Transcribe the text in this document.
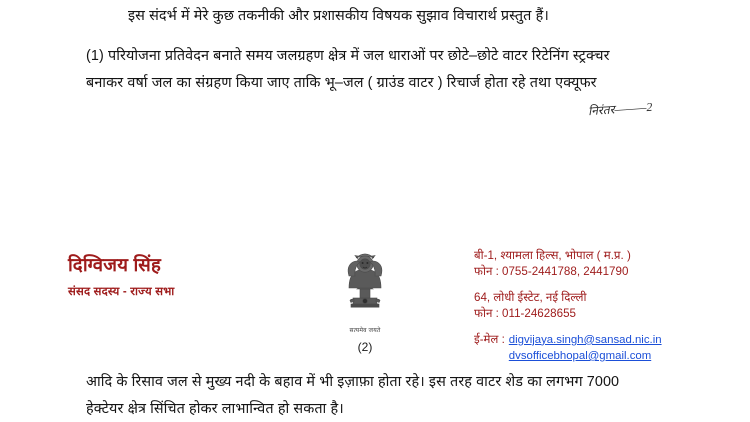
इस संदर्भ में मेरे कुछ तकनीकी और प्रशासकीय विषयक सुझाव विचारार्थ प्रस्तुत हैं।
(1) परियोजना प्रतिवेदन बनाते समय जलग्रहण क्षेत्र में जल धाराओं पर छोटे–छोटे वाटर रिटेनिंग स्ट्रक्चर
बनाकर वर्षा जल का संग्रहण किया जाए ताकि भू–जल ( ग्राउंड वाटर ) रिचार्ज होता रहे तथा एक्यूफर
निरंतर———2
दिग्विजय सिंह
संसद सदस्य - राज्य सभा
सत्यमेव जयते
(2)
बी-1, श्यामला हिल्स, भोपाल ( म.प्र. )
फोन : 0755-2441788, 2441790
64, लोधी ईस्टेट, नई दिल्ली
फोन : 011-24628655
ई-मेल : digvijaya.singh@sansad.nic.in
dvsofficebhopal@gmail.com
आदि के रिसाव जल से मुख्य नदी के बहाव में भी इज़ाफ़ा होता रहे। इस तरह वाटर शेड का लगभग 7000
हेक्टेयर क्षेत्र सिंचित होकर लाभान्वित हो सकता है।
